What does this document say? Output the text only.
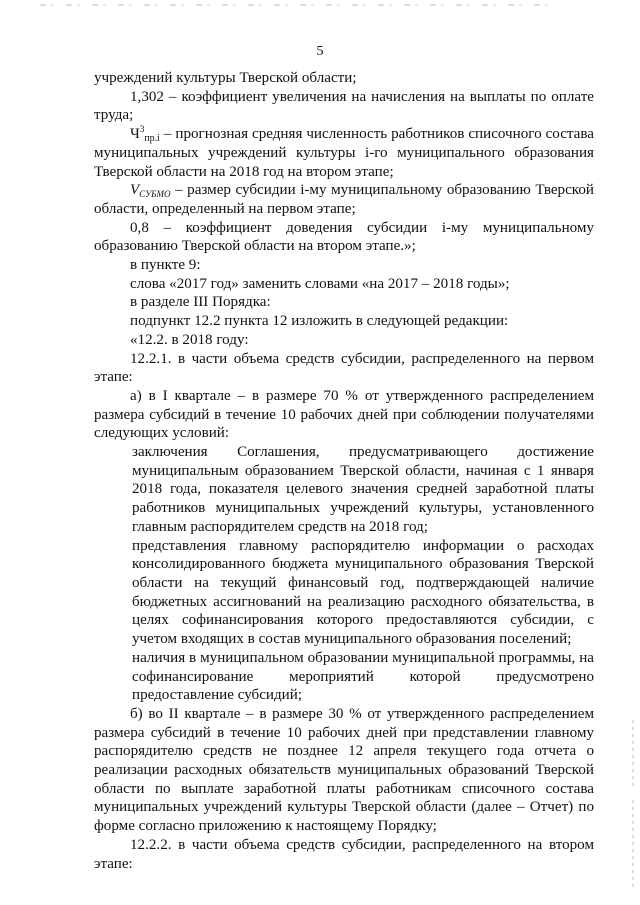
5

учреждений культуры Тверской области;

1,302 – коэффициент увеличения на начисления на выплаты по оплате труда;

$Ч^3_{пр.i}$ – прогнозная средняя численность работников списочного состава муниципальных учреждений культуры i-го муниципального образования Тверской области на 2018 год на втором этапе;

VСУБМО – размер субсидии i-му муниципальному образованию Тверской области, определенный на первом этапе;

0,8 – коэффициент доведения субсидии i-му муниципальному образованию Тверской области на втором этапе.»;

в пункте 9:

слова «2017 год» заменить словами «на 2017 – 2018 годы»;

в разделе III Порядка:

подпункт 12.2 пункта 12 изложить в следующей редакции:

«12.2. в 2018 году:

12.2.1. в части объема средств субсидии, распределенного на первом этапе:

а) в I квартале – в размере 70 % от утвержденного распределением размера субсидий в течение 10 рабочих дней при соблюдении получателями следующих условий:

заключения Соглашения, предусматривающего достижение муниципальным образованием Тверской области, начиная с 1 января 2018 года, показателя целевого значения средней заработной платы работников муниципальных учреждений культуры, установленного главным распорядителем средств на 2018 год;

представления главному распорядителю информации о расходах консолидированного бюджета муниципального образования Тверской области на текущий финансовый год, подтверждающей наличие бюджетных ассигнований на реализацию расходного обязательства, в целях софинансирования которого предоставляются субсидии, с учетом входящих в состав муниципального образования поселений;

наличия в муниципальном образовании муниципальной программы, на софинансирование мероприятий которой предусмотрено предоставление субсидий;

б) во II квартале – в размере 30 % от утвержденного распределением размера субсидий в течение 10 рабочих дней при представлении главному распорядителю средств не позднее 12 апреля текущего года отчета о реализации расходных обязательств муниципальных образований Тверской области по выплате заработной платы работникам списочного состава муниципальных учреждений культуры Тверской области (далее – Отчет) по форме согласно приложению к настоящему Порядку;

12.2.2. в части объема средств субсидии, распределенного на втором этапе:
